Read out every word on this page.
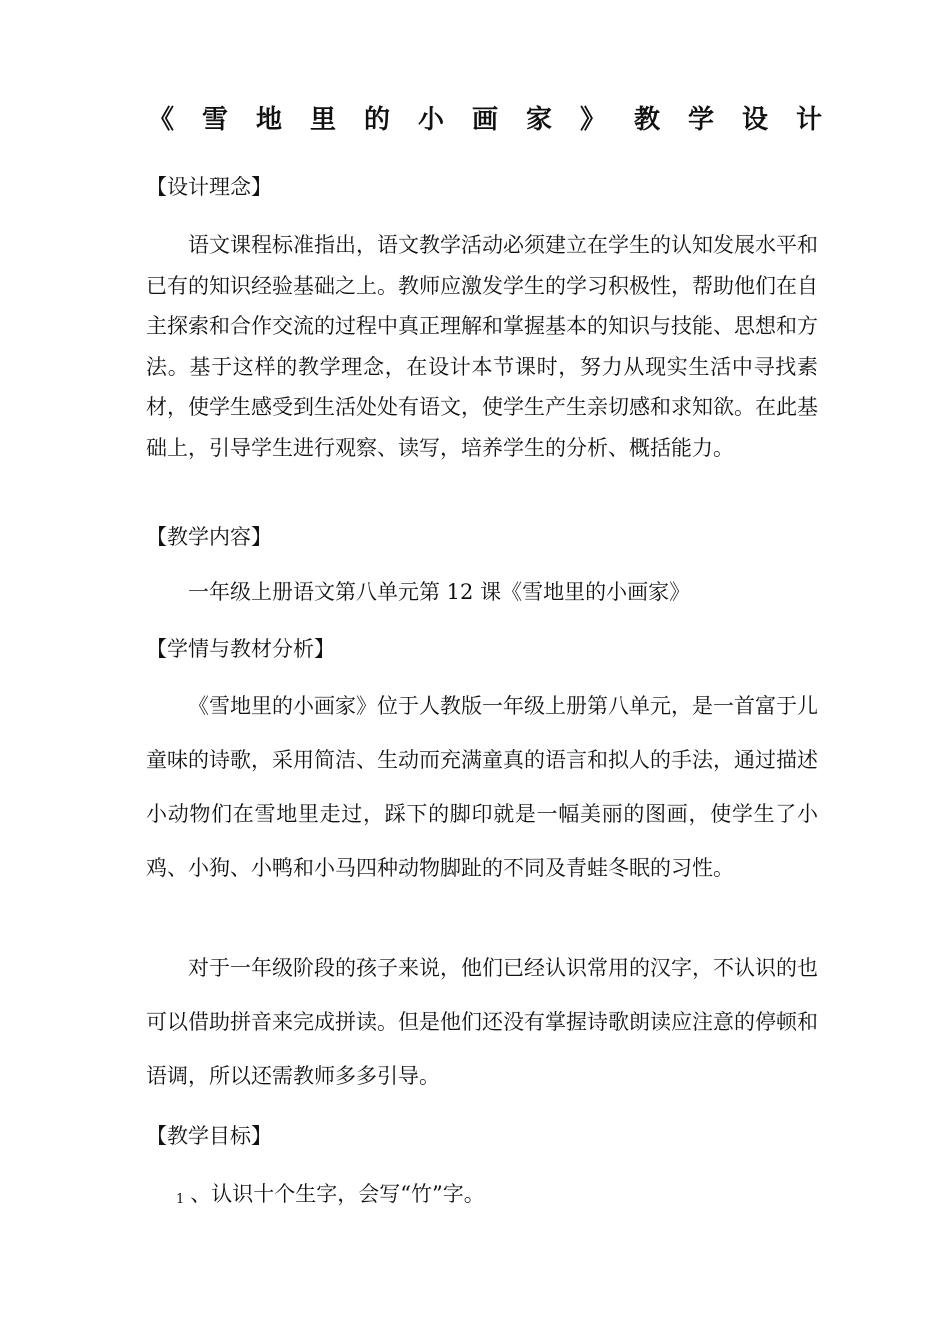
《雪地里的小画家》教学设计
【设计理念】

语文课程标准指出，语文教学活动必须建立在学生的认知发展水平和已有的知识经验基础之上。教师应激发学生的学习积极性，帮助他们在自主探索和合作交流的过程中真正理解和掌握基本的知识与技能、思想和方法。基于这样的教学理念，在设计本节课时，努力从现实生活中寻找素材，使学生感受到生活处处有语文，使学生产生亲切感和求知欲。在此基础上，引导学生进行观察、读写，培养学生的分析、概括能力。

【教学内容】
一年级上册语文第八单元第 12 课《雪地里的小画家》
【学情与教材分析】

《雪地里的小画家》位于人教版一年级上册第八单元，是一首富于儿童味的诗歌，采用简洁、生动而充满童真的语言和拟人的手法，通过描述小动物们在雪地里走过，踩下的脚印就是一幅美丽的图画，使学生了小鸡、小狗、小鸭和小马四种动物脚趾的不同及青蛙冬眠的习性。

对于一年级阶段的孩子来说，他们已经认识常用的汉字，不认识的也可以借助拼音来完成拼读。但是他们还没有掌握诗歌朗读应注意的停顿和语调，所以还需教师多多引导。

【教学目标】
1 、认识十个生字，会写“竹”字。
